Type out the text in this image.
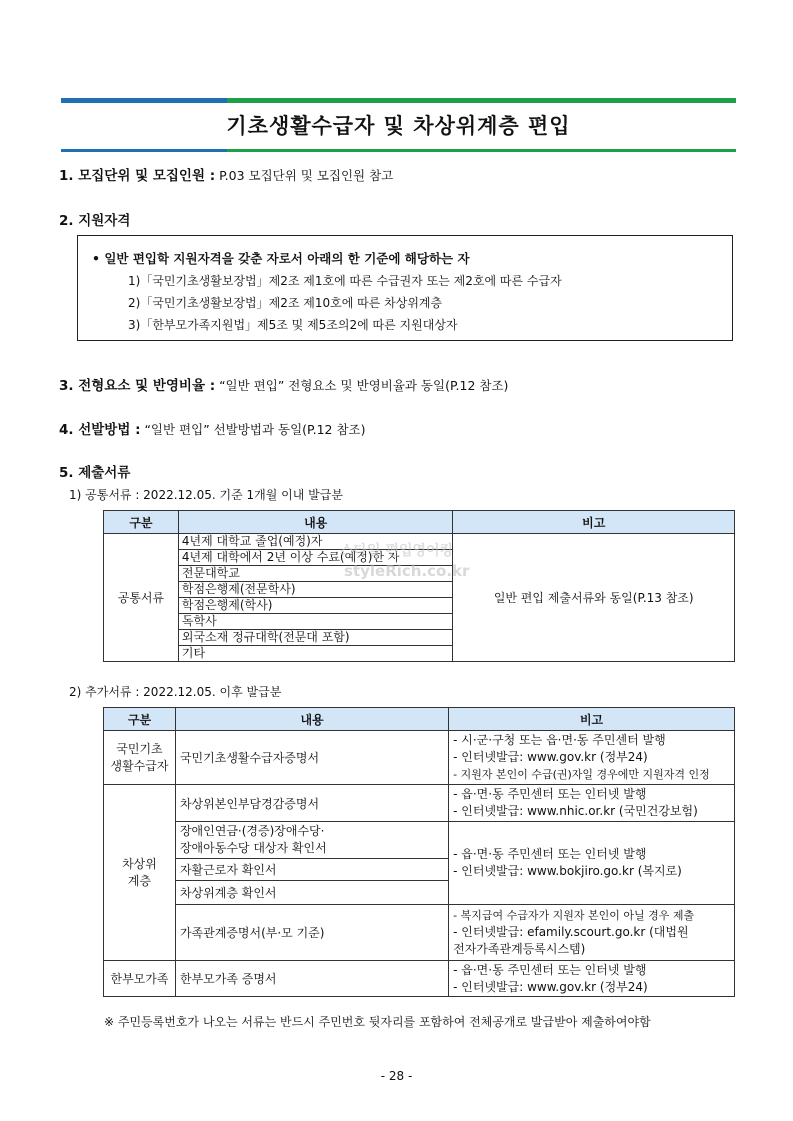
기초생활수급자 및 차상위계층 편입
1. 모집단위 및 모집인원 : P.03 모집단위 및 모집인원 참고
2. 지원자격
• 일반 편입학 지원자격을 갖춘 자로서 아래의 한 기준에 해당하는 자
1)「국민기초생활보장법」제2조 제1호에 따른 수급권자 또는 제2호에 따른 수급자
2)「국민기초생활보장법」제2조 제10호에 따른 차상위계층
3)「한부모가족지원법」제5조 및 제5조의2에 따른 지원대상자
3. 전형요소 및 반영비율 : “일반 편입” 전형요소 및 반영비율과 동일(P.12 참조)
4. 선발방법 : “일반 편입” 선발방법과 동일(P.12 참조)
5. 제출서류
1) 공통서류 : 2022.12.05. 기준 1개월 이내 발급분
구분	내용	비고
공통서류	4년제 대학교 졸업(예정)자	일반 편입 제출서류와 동일(P.13 참조)
	4년제 대학에서 2년 이상 수료(예정)한 자	
	전문대학교	
	학점은행제(전문학사)	
	학점은행제(학사)	
	독학사	
	외국소재 정규대학(전문대 포함)	
	기타	
스타일 편입영어킹
styleRich.co.kr
2) 추가서류 : 2022.12.05. 이후 발급분
구분	내용	비고

국민기초
생활수급자	국민기초생활수급자증명서	- 시·군·구청 또는 읍·면·동 주민센터 발행
- 인터넷발급: www.gov.kr (정부24)
- 지원자 본인이 수급(권)자일 경우에만 지원자격 인정

차상위
계층	차상위본인부담경감증명서	- 읍·면·동 주민센터 또는 인터넷 발행
- 인터넷발급: www.nhic.or.kr (국민건강보험)

	장애인연금·(경증)장애수당·
장애아동수당 대상자 확인서	- 읍·면·동 주민센터 또는 인터넷 발행
- 인터넷발급: www.bokjiro.go.kr (복지로)

	자활근로자 확인서	
	차상위계층 확인서	
	가족관계증명서(부·모 기준)	- 복지급여 수급자가 지원자 본인이 아닐 경우 제출
- 인터넷발급: efamily.scourt.go.kr (대법원
전자가족관계등록시스템)

한부모가족	한부모가족 증명서	- 읍·면·동 주민센터 또는 인터넷 발행
- 인터넷발급: www.gov.kr (정부24)
※ 주민등록번호가 나오는 서류는 반드시 주민번호 뒷자리를 포함하여 전체공개로 발급받아 제출하여야함
- 28 -
